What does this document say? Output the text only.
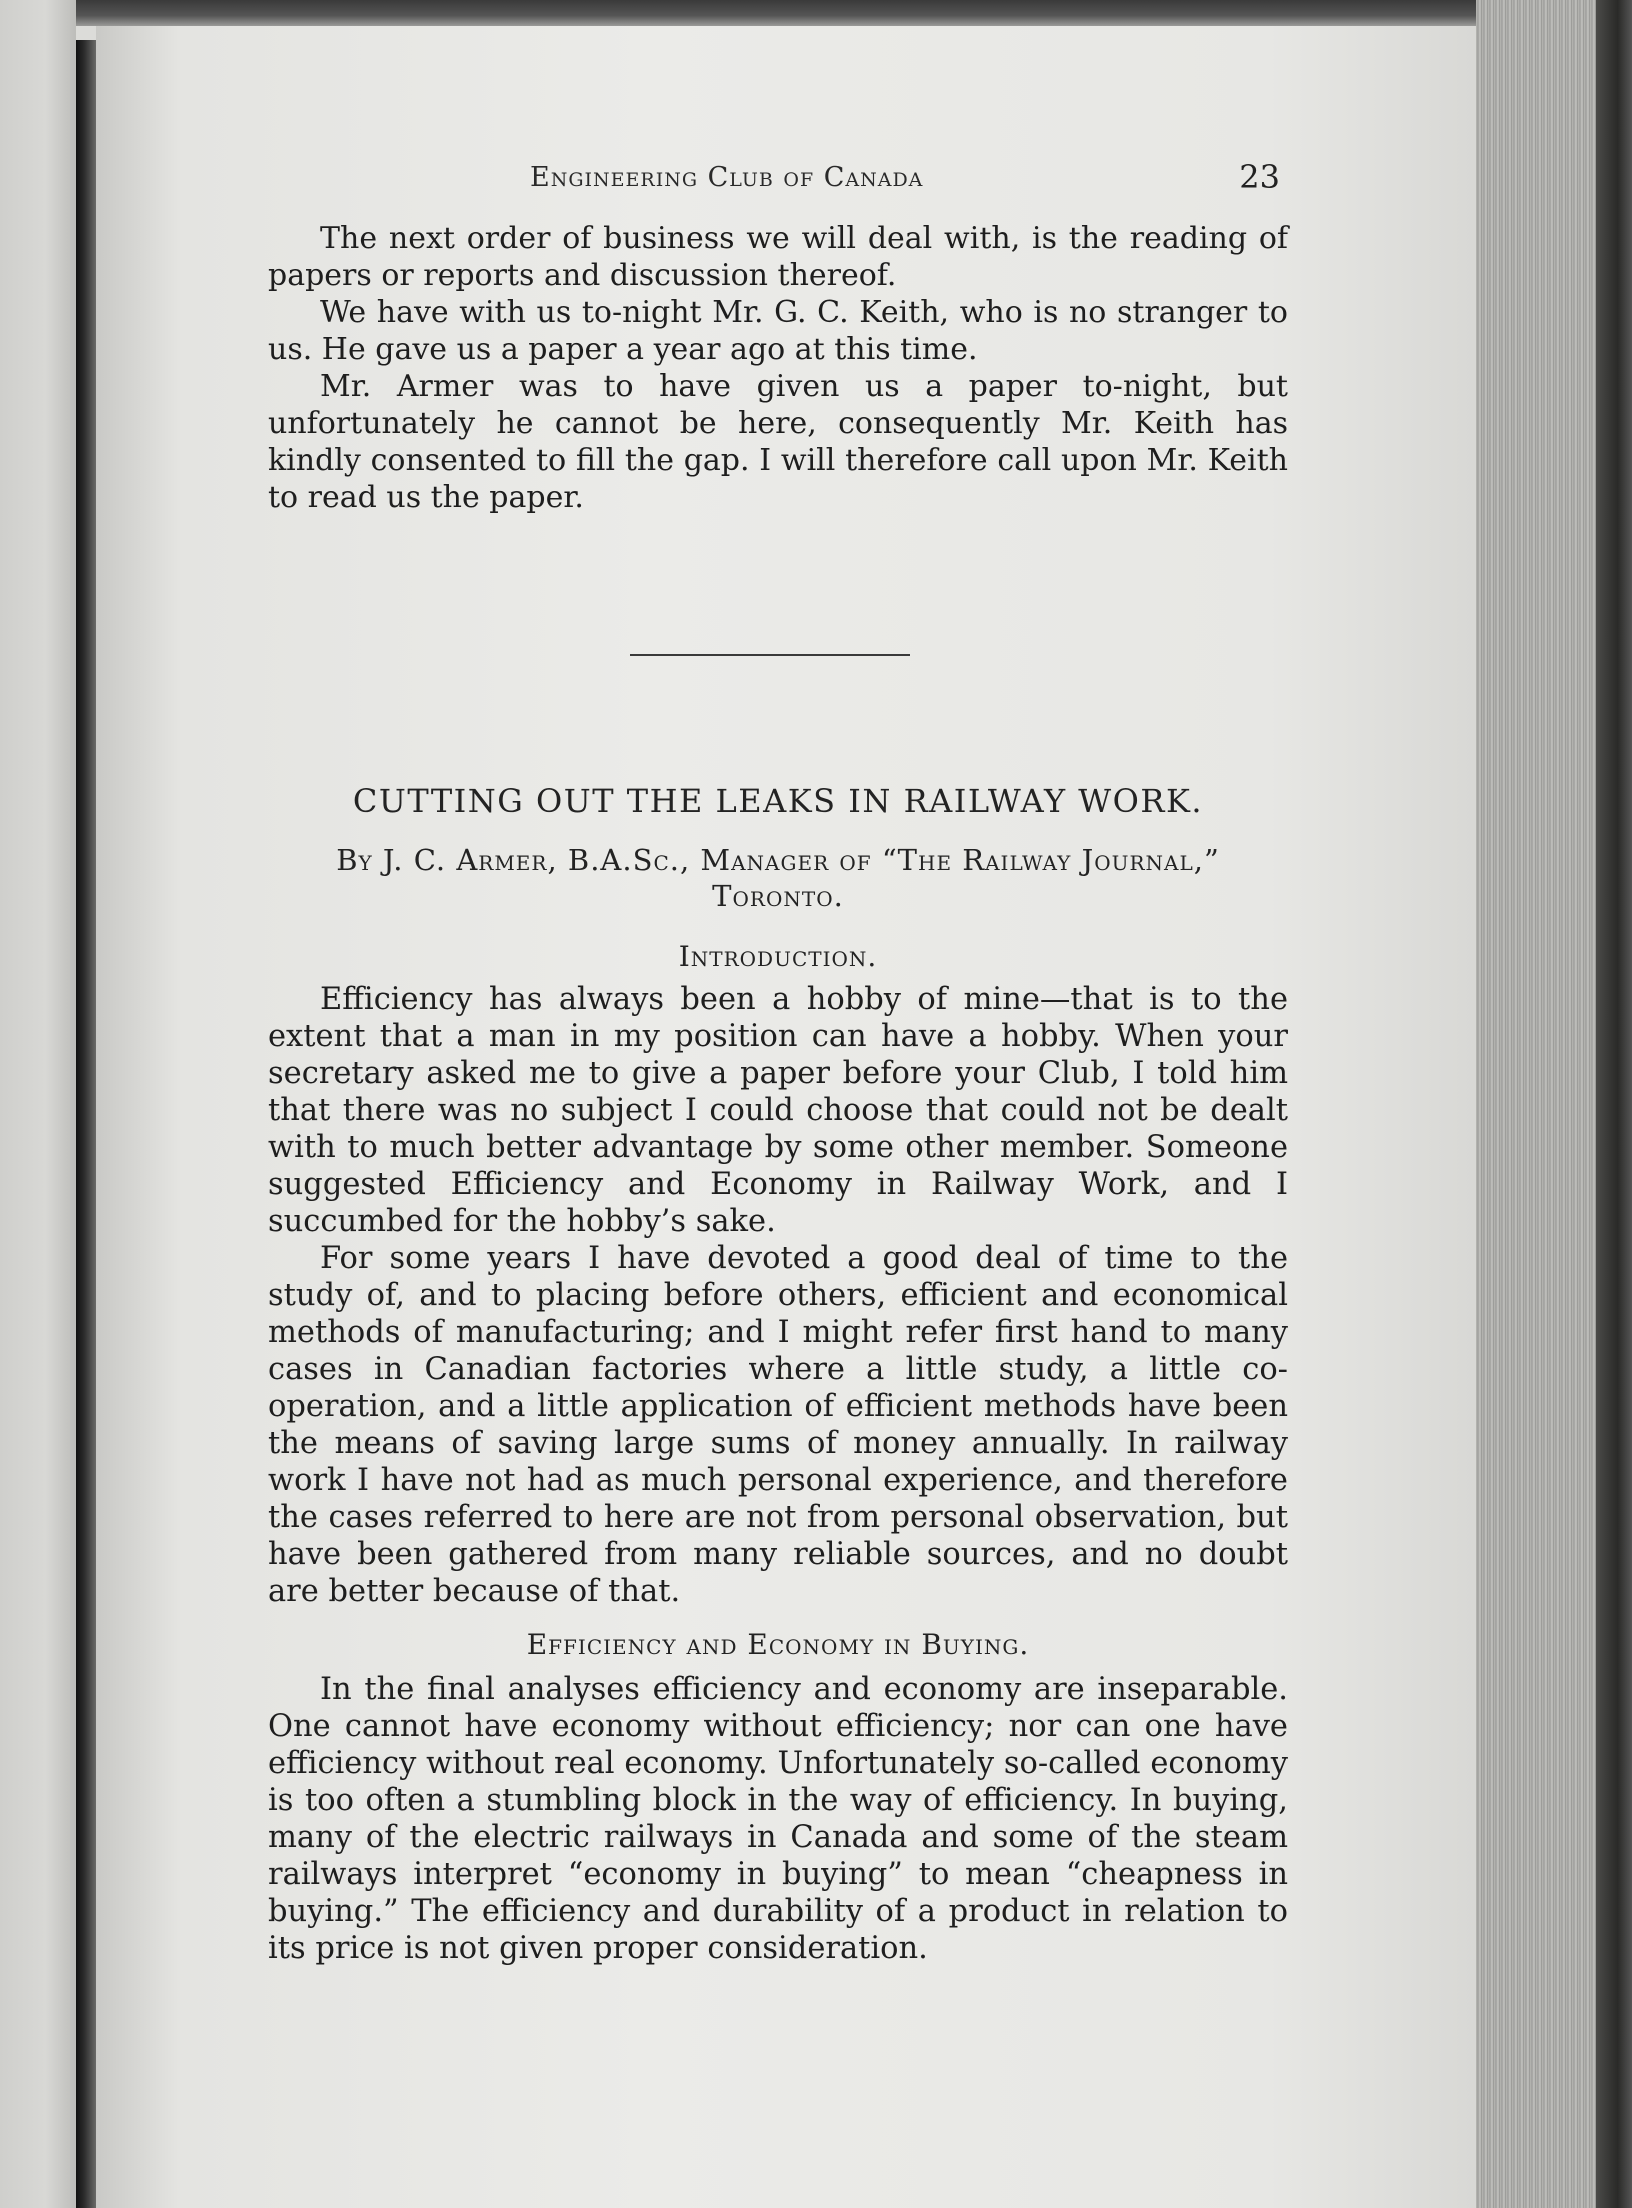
Engineering Club of Canada	23

The next order of business we will deal with, is the reading of papers or reports and discussion thereof.

We have with us to-night Mr. G. C. Keith, who is no stranger to us. He gave us a paper a year ago at this time.

Mr. Armer was to have given us a paper to-night, but unfortunately he cannot be here, consequently Mr. Keith has kindly consented to fill the gap. I will therefore call upon Mr. Keith to read us the paper.

CUTTING OUT THE LEAKS IN RAILWAY WORK.
By J. C. Armer, B.A.Sc., Manager of “The Railway Journal,” Toronto.
Introduction.

Efficiency has always been a hobby of mine—that is to the extent that a man in my position can have a hobby. When your secretary asked me to give a paper before your Club, I told him that there was no subject I could choose that could not be dealt with to much better advantage by some other member. Someone suggested Efficiency and Economy in Railway Work, and I succumbed for the hobby’s sake.

For some years I have devoted a good deal of time to the study of, and to placing before others, efficient and economical methods of manufacturing; and I might refer first hand to many cases in Canadian factories where a little study, a little co-operation, and a little application of efficient methods have been the means of saving large sums of money annually. In railway work I have not had as much personal experience, and therefore the cases referred to here are not from personal observation, but have been gathered from many reliable sources, and no doubt are better because of that.

Efficiency and Economy in Buying.

In the final analyses efficiency and economy are inseparable. One cannot have economy without efficiency; nor can one have efficiency without real economy. Unfortunately so-called economy is too often a stumbling block in the way of efficiency. In buying, many of the electric railways in Canada and some of the steam railways interpret “economy in buying” to mean “cheapness in buying.” The efficiency and durability of a product in relation to its price is not given proper consideration.
